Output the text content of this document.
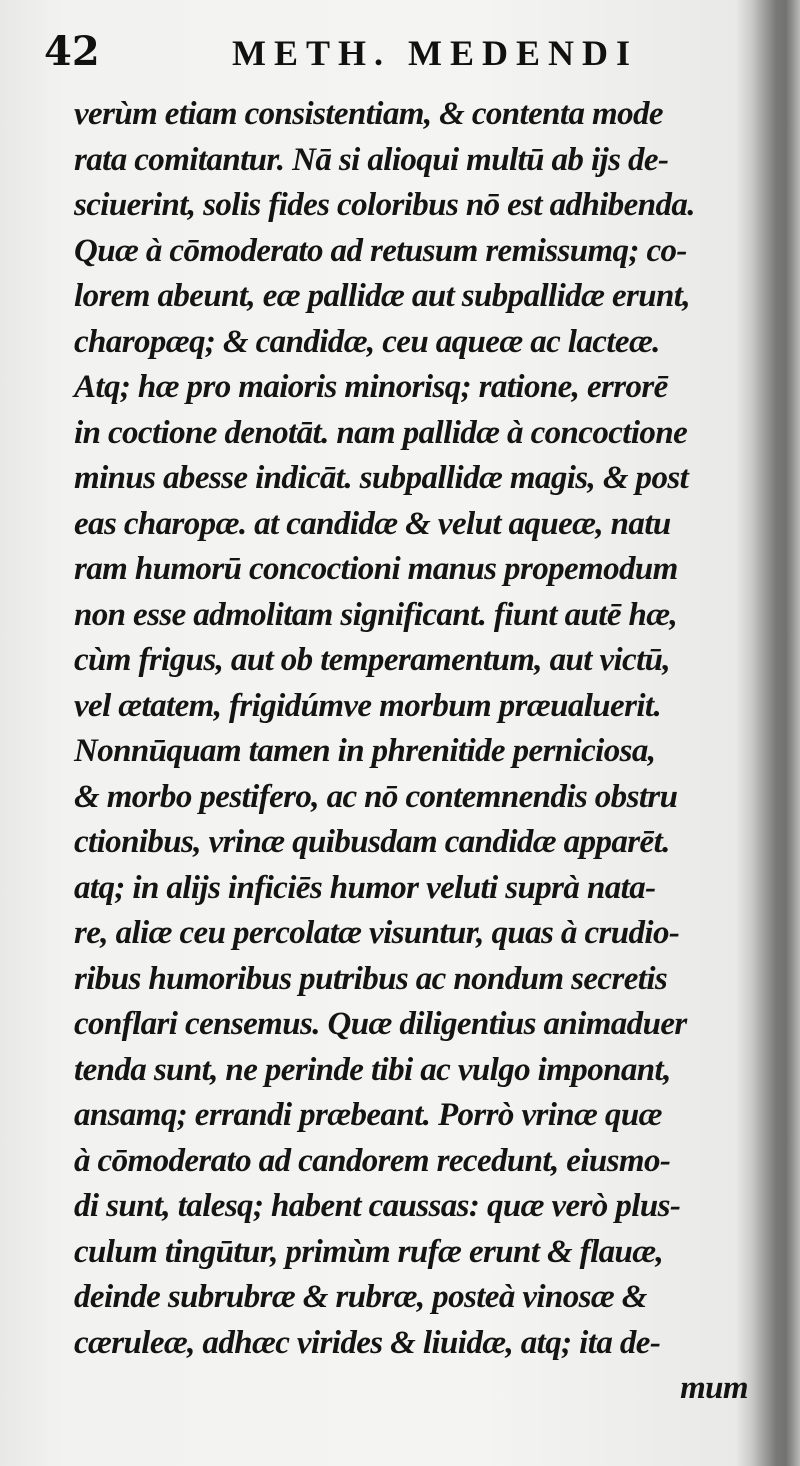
42	METH. MEDENDI
verùm etiam consistentiam, & contenta mode
rata comitantur. Nā si alioqui multū ab ijs de-
sciuerint, solis fides coloribus nō est adhibenda.
Quæ à cōmoderato ad retusum remissumq; co-
lorem abeunt, eæ pallidæ aut subpallidæ erunt,
charopæq; & candidæ, ceu aqueæ ac lacteæ.
Atq; hæ pro maioris minorisq; ratione, errorē
in coctione denotāt. nam pallidæ à concoctione
minus abesse indicāt. subpallidæ magis, & post
eas charopæ. at candidæ & velut aqueæ, natu
ram humorū concoctioni manus propemodum
non esse admolitam significant. fiunt autē hæ,
cùm frigus, aut ob temperamentum, aut victū,
vel ætatem, frigidúmve morbum præualuerit.
Nonnūquam tamen in phrenitide perniciosa,
& morbo pestifero, ac nō contemnendis obstru
ctionibus, vrinæ quibusdam candidæ apparēt.
atq; in alijs inficiēs humor veluti suprà nata-
re, aliæ ceu percolatæ visuntur, quas à crudio-
ribus humoribus putribus ac nondum secretis
conflari censemus. Quæ diligentius animaduer
tenda sunt, ne perinde tibi ac vulgo imponant,
ansamq; errandi præbeant. Porrò vrinæ quæ
à cōmoderato ad candorem recedunt, eiusmo-
di sunt, talesq; habent caussas: quæ verò plus-
culum tingūtur, primùm rufæ erunt & flauæ,
deinde subrubræ & rubræ, posteà vinosæ &
cæruleæ, adhæc virides & liuidæ, atq; ita de-
mum
